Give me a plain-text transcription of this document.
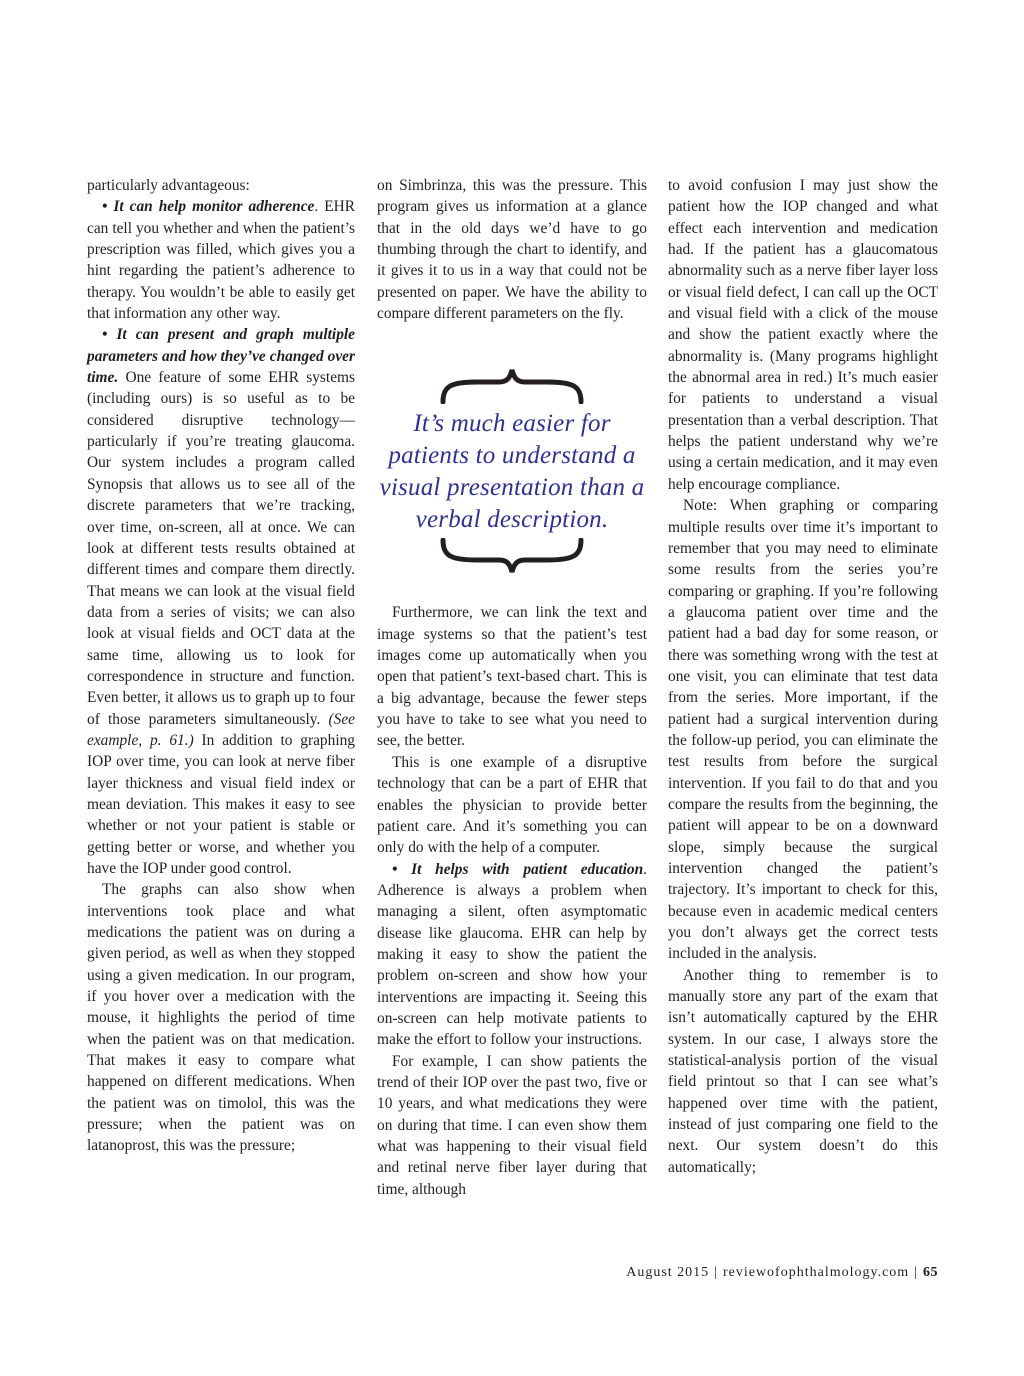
particularly advantageous:

• It can help monitor adherence. EHR can tell you whether and when the patient’s prescription was filled, which gives you a hint regarding the patient’s adherence to therapy. You wouldn’t be able to easily get that information any other way.

• It can present and graph multiple parameters and how they’ve changed over time. One feature of some EHR systems (including ours) is so useful as to be considered disruptive technology—particularly if you’re treating glaucoma. Our system includes a program called Synopsis that allows us to see all of the discrete parameters that we’re tracking, over time, on-screen, all at once. We can look at different tests results obtained at different times and compare them directly. That means we can look at the visual field data from a series of visits; we can also look at visual fields and OCT data at the same time, allowing us to look for correspondence in structure and function. Even better, it allows us to graph up to four of those parameters simultaneously. (See example, p. 61.) In addition to graphing IOP over time, you can look at nerve fiber layer thickness and visual field index or mean deviation. This makes it easy to see whether or not your patient is stable or getting better or worse, and whether you have the IOP under good control.

The graphs can also show when interventions took place and what medications the patient was on during a given period, as well as when they stopped using a given medication. In our program, if you hover over a medication with the mouse, it highlights the period of time when the patient was on that medication. That makes it easy to compare what happened on different medications. When the patient was on timolol, this was the pressure; when the patient was on latanoprost, this was the pressure;

on Simbrinza, this was the pressure. This program gives us information at a glance that in the old days we’d have to go thumbing through the chart to identify, and it gives it to us in a way that could not be presented on paper. We have the ability to compare different parameters on the fly.

Furthermore, we can link the text and image systems so that the patient’s test images come up automatically when you open that patient’s text-based chart. This is a big advantage, because the fewer steps you have to take to see what you need to see, the better.

This is one example of a disruptive technology that can be a part of EHR that enables the physician to provide better patient care. And it’s something you can only do with the help of a computer.

• It helps with patient education. Adherence is always a problem when managing a silent, often asymptomatic disease like glaucoma. EHR can help by making it easy to show the patient the problem on-screen and show how your interventions are impacting it. Seeing this on-screen can help motivate patients to make the effort to follow your instructions.

For example, I can show patients the trend of their IOP over the past two, five or 10 years, and what medications they were on during that time. I can even show them what was happening to their visual field and retinal nerve fiber layer during that time, although

It’s much easier for patients to understand a visual presentation than a verbal description.

to avoid confusion I may just show the patient how the IOP changed and what effect each intervention and medication had. If the patient has a glaucomatous abnormality such as a nerve fiber layer loss or visual field defect, I can call up the OCT and visual field with a click of the mouse and show the patient exactly where the abnormality is. (Many programs highlight the abnormal area in red.) It’s much easier for patients to understand a visual presentation than a verbal description. That helps the patient understand why we’re using a certain medication, and it may even help encourage compliance.

Note: When graphing or comparing multiple results over time it’s important to remember that you may need to eliminate some results from the series you’re comparing or graphing. If you’re following a glaucoma patient over time and the patient had a bad day for some reason, or there was something wrong with the test at one visit, you can eliminate that test data from the series. More important, if the patient had a surgical intervention during the follow-up period, you can eliminate the test results from before the surgical intervention. If you fail to do that and you compare the results from the beginning, the patient will appear to be on a downward slope, simply because the surgical intervention changed the patient’s trajectory. It’s important to check for this, because even in academic medical centers you don’t always get the correct tests included in the analysis.

Another thing to remember is to manually store any part of the exam that isn’t automatically captured by the EHR system. In our case, I always store the statistical-analysis portion of the visual field printout so that I can see what’s happened over time with the patient, instead of just comparing one field to the next. Our system doesn’t do this automatically;

August 2015 | reviewofophthalmology.com | 65
